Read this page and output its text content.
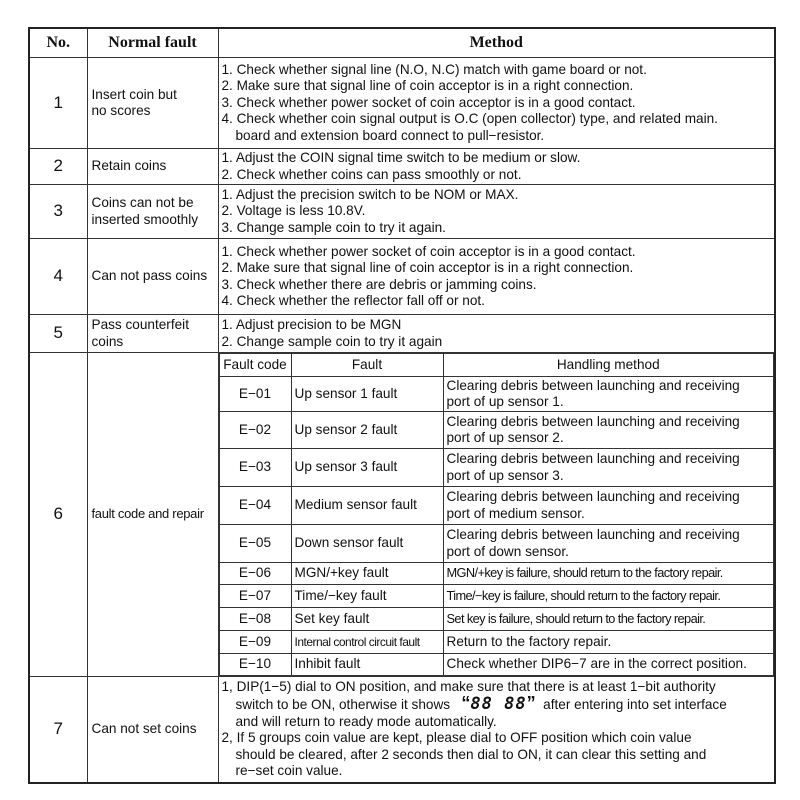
No.	Normal fault	Method
1	Insert coin but
no scores

1. Check whether signal line (N.O, N.C) match with game board or not.
2. Make sure that signal line of coin acceptor is in a right connection.
3. Check whether power socket of coin acceptor is in a good contact.
4. Check whether coin signal output is O.C (open collector) type, and related main.
board and extension board connect to pull−resistor.

2	Retain coins

1. Adjust the COIN signal time switch to be medium or slow.
2. Check whether coins can pass smoothly or not.

3	Coins can not be
inserted smoothly

1. Adjust the precision switch to be NOM or MAX.
2. Voltage is less 10.8V.
3. Change sample coin to try it again.

4	Can not pass coins

1. Check whether power socket of coin acceptor is in a good contact.
2. Make sure that signal line of coin acceptor is in a right connection.
3. Check whether there are debris or jamming coins.
4. Check whether the reflector fall off or not.

5	Pass counterfeit
coins

1. Adjust precision to be MGN
2. Change sample coin to try it again

6	fault code and repair

Fault code	Fault	Handling method
E−01	Up sensor 1 fault	
Clearing debris between launching and receiving
port of up sensor 1.

E−02	Up sensor 2 fault	
Clearing debris between launching and receiving
port of up sensor 2.

E−03	Up sensor 3 fault	
Clearing debris between launching and receiving
port of up sensor 3.

E−04	Medium sensor fault	
Clearing debris between launching and receiving
port of medium sensor.

E−05	Down sensor fault	
Clearing debris between launching and receiving
port of down sensor.

E−06	MGN/+key fault	MGN/+key is failure, should return to the factory repair.

E−07	Time/−key fault	Time/−key is failure, should return to the factory repair.

E−08	Set key fault	Set key is failure, should return to the factory repair.

E−09	Internal control circuit fault	Return to the factory repair.

E−10	Inhibit fault	Check whether DIP6−7 are in the correct position.

7	Can not set coins

1, DIP(1−5) dial to ON position, and make sure that there is at least 1−bit authority
switch to be ON, otherwise it shows “88 88” after entering into set interface
and will return to ready mode automatically.
2, If 5 groups coin value are kept, please dial to OFF position which coin value
should be cleared, after 2 seconds then dial to ON, it can clear this setting and
re−set coin value.
